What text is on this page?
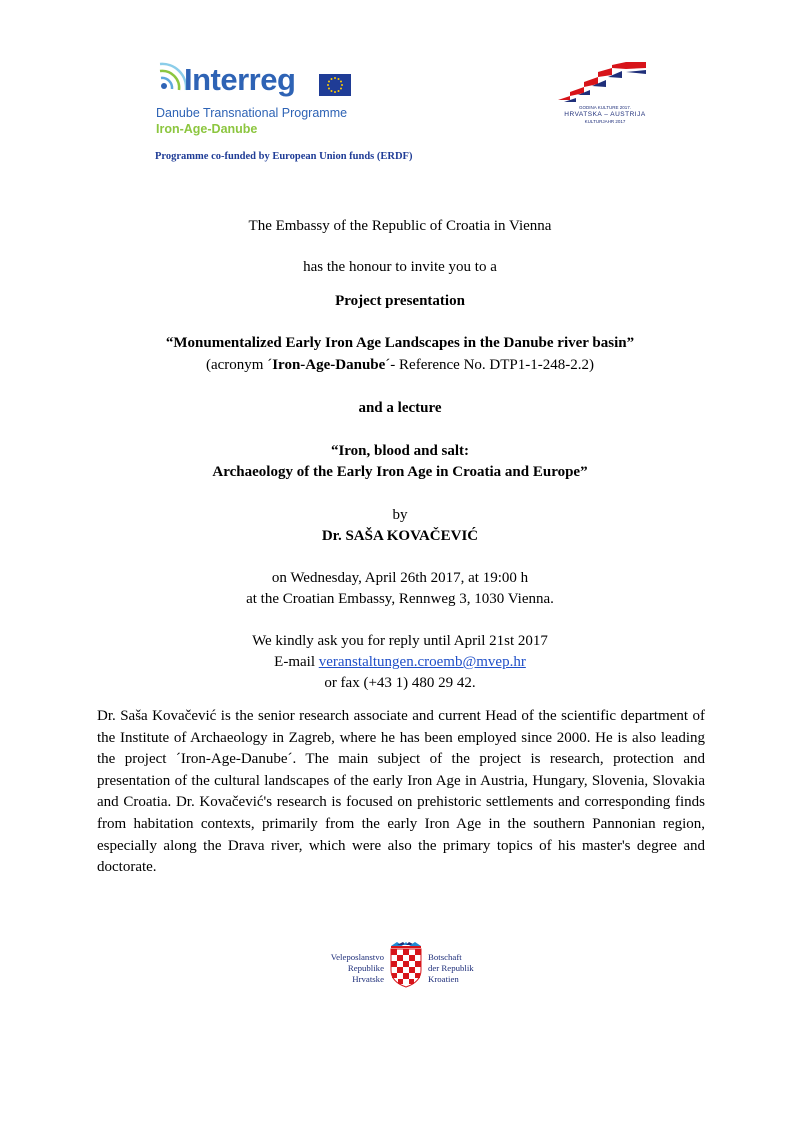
Interreg
Danube Transnational Programme
Iron-Age-Danube
Programme co-funded by European Union funds (ERDF)
GODINA KULTURE 2017.
HRVATSKA – AUSTRIJA
KULTURJAHR 2017
The Embassy of the Republic of Croatia in Vienna
has the honour to invite you to a
Project presentation
“Monumentalized Early Iron Age Landscapes in the Danube river basin”
(acronym ´Iron-Age-Danube´- Reference No. DTP1-1-248-2.2)
and a lecture
“Iron, blood and salt:
Archaeology of the Early Iron Age in Croatia and Europe”
by
Dr. SAŠA KOVAČEVIĆ
on Wednesday, April 26th 2017, at 19:00 h
at the Croatian Embassy, Rennweg 3, 1030 Vienna.
We kindly ask you for reply until April 21st 2017
E-mail veranstaltungen.croemb@mvep.hr
or fax (+43 1) 480 29 42.
Dr. Saša Kovačević is the senior research associate and current Head of the scientific department of the Institute of Archaeology in Zagreb, where he has been employed since 2000. He is also leading the project ´Iron-Age-Danube´. The main subject of the project is research, protection and presentation of the cultural landscapes of the early Iron Age in Austria, Hungary, Slovenia, Slovakia and Croatia. Dr. Kovačević's research is focused on prehistoric settlements and corresponding finds from habitation contexts, primarily from the early Iron Age in the southern Pannonian region, especially along the Drava river, which were also the primary topics of his master's degree and doctorate.
Veleposlanstvo
Republike
Hrvatske
Botschaft
der Republik
Kroatien
